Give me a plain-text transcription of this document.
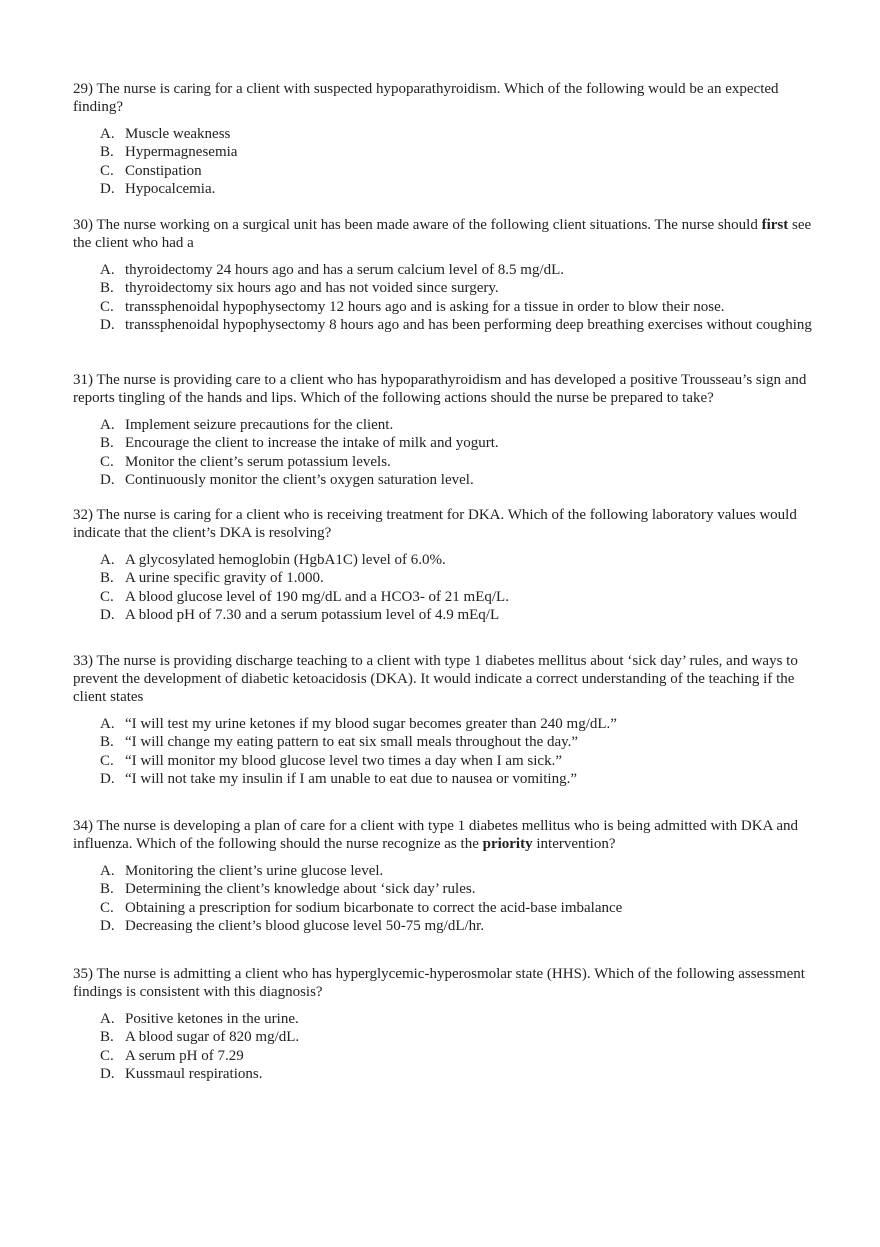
29) The nurse is caring for a client with suspected hypoparathyroidism. Which of the following would be an expected finding?

A. Muscle weakness
B. Hypermagnesemia
C. Constipation
D. Hypocalcemia.

30) The nurse working on a surgical unit has been made aware of the following client situations. The nurse should first see the client who had a

A. thyroidectomy 24 hours ago and has a serum calcium level of 8.5 mg/dL.
B. thyroidectomy six hours ago and has not voided since surgery.
C. transsphenoidal hypophysectomy 12 hours ago and is asking for a tissue in order to blow their nose.
D. transsphenoidal hypophysectomy 8 hours ago and has been performing deep breathing exercises without coughing

31) The nurse is providing care to a client who has hypoparathyroidism and has developed a positive Trousseau’s sign and reports tingling of the hands and lips. Which of the following actions should the nurse be prepared to take?

A. Implement seizure precautions for the client.
B. Encourage the client to increase the intake of milk and yogurt.
C. Monitor the client’s serum potassium levels.
D. Continuously monitor the client’s oxygen saturation level.

32) The nurse is caring for a client who is receiving treatment for DKA. Which of the following laboratory values would indicate that the client’s DKA is resolving?

A. A glycosylated hemoglobin (HgbA1C) level of 6.0%.
B. A urine specific gravity of 1.000.
C. A blood glucose level of 190 mg/dL and a HCO3- of 21 mEq/L.
D. A blood pH of 7.30 and a serum potassium level of 4.9 mEq/L

33) The nurse is providing discharge teaching to a client with type 1 diabetes mellitus about ‘sick day’ rules, and ways to prevent the development of diabetic ketoacidosis (DKA). It would indicate a correct understanding of the teaching if the client states

A. “I will test my urine ketones if my blood sugar becomes greater than 240 mg/dL.”
B. “I will change my eating pattern to eat six small meals throughout the day.”
C. “I will monitor my blood glucose level two times a day when I am sick.”
D. “I will not take my insulin if I am unable to eat due to nausea or vomiting.”

34) The nurse is developing a plan of care for a client with type 1 diabetes mellitus who is being admitted with DKA and influenza. Which of the following should the nurse recognize as the priority intervention?

A. Monitoring the client’s urine glucose level.
B. Determining the client’s knowledge about ‘sick day’ rules.
C. Obtaining a prescription for sodium bicarbonate to correct the acid-base imbalance
D. Decreasing the client’s blood glucose level 50-75 mg/dL/hr.

35) The nurse is admitting a client who has hyperglycemic-hyperosmolar state (HHS). Which of the following assessment findings is consistent with this diagnosis?

A. Positive ketones in the urine.
B. A blood sugar of 820 mg/dL.
C. A serum pH of 7.29
D. Kussmaul respirations.
